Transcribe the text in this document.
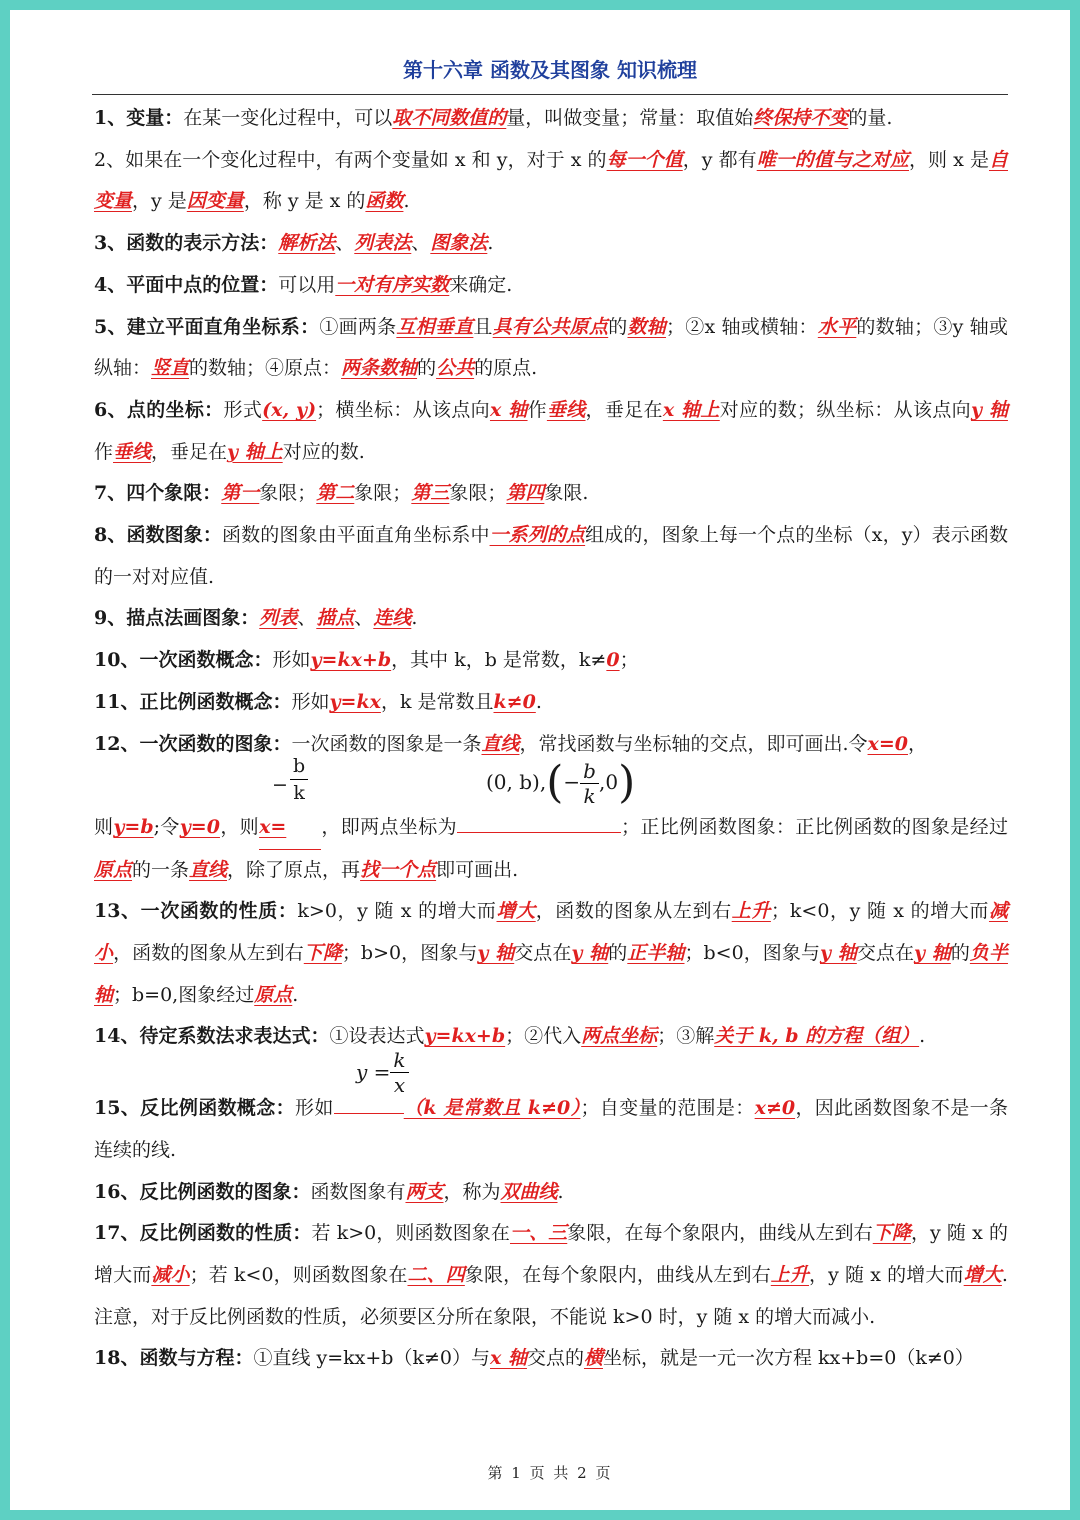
第十六章 函数及其图象 知识梳理
1、变量：在某一变化过程中，可以取不同数值的量，叫做变量；常量：取值始终保持不变的量.
2、如果在一个变化过程中，有两个变量如 x 和 y，对于 x 的每一个值，y 都有唯一的值与之对应，则 x 是自变量，y 是因变量，称 y 是 x 的函数.
3、函数的表示方法：解析法、列表法、图象法.
4、平面中点的位置：可以用一对有序实数来确定.
5、建立平面直角坐标系：①画两条互相垂直且具有公共原点的数轴；②x 轴或横轴：水平的数轴；③y 轴或纵轴：竖直的数轴；④原点：两条数轴的公共的原点.
6、点的坐标：形式(x, y)；横坐标：从该点向x 轴作垂线，垂足在x 轴上对应的数；纵坐标：从该点向y 轴作垂线，垂足在y 轴上对应的数.
7、四个象限：第一象限；第二象限；第三象限；第四象限.
8、函数图象：函数的图象由平面直角坐标系中一系列的点组成的，图象上每一个点的坐标（x，y）表示函数的一对对应值.
9、描点法画图象：列表、描点、连线.
10、一次函数概念：形如y=kx+b，其中 k，b 是常数，k≠0；
11、正比例函数概念：形如y=kx，k 是常数且k≠0.
12、一次函数的图象：一次函数的图象是一条直线，常找函数与坐标轴的交点，即可画出.令x=0，
− $\frac{b}{k}$	(0, b), ( − $\frac{b}{k} ,0$ )
则y=b;令y=0，则x= ，即两点坐标为	；正比例函数图象：正比例函数的图象是经过原点的一条直线，除了原点，再找一个点即可画出.
13、一次函数的性质：k>0，y 随 x 的增大而增大，函数的图象从左到右上升；k<0，y 随 x 的增大而减小，函数的图象从左到右下降；b>0，图象与y 轴交点在y 轴的正半轴；b<0，图象与y 轴交点在y 轴的负半轴；b=0,图象经过原点.
14、待定系数法求表达式：①设表达式y=kx+b；②代入两点坐标；③解关于 k, b 的方程（组）.
$y = \frac{k}{x}$
15、反比例函数概念：形如	（k 是常数且 k≠0）；自变量的范围是：x≠0，因此函数图象不是一条连续的线.
16、反比例函数的图象：函数图象有两支，称为双曲线.
17、反比例函数的性质：若 k>0，则函数图象在一、三象限，在每个象限内，曲线从左到右下降，y 随 x 的增大而减小；若 k<0，则函数图象在二、四象限，在每个象限内，曲线从左到右上升，y 随 x 的增大而增大.注意，对于反比例函数的性质，必须要区分所在象限，不能说 k>0 时，y 随 x 的增大而减小.
18、函数与方程：①直线 y=kx+b（k≠0）与x 轴交点的横坐标，就是一元一次方程 kx+b=0（k≠0）
第 1 页 共 2 页
